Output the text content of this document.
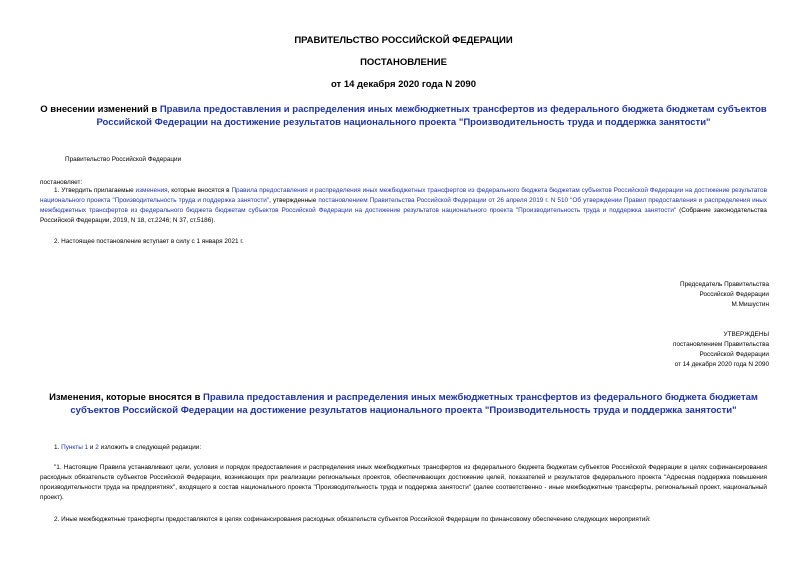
ПРАВИТЕЛЬСТВО РОССИЙСКОЙ ФЕДЕРАЦИИ
ПОСТАНОВЛЕНИЕ
от 14 декабря 2020 года N 2090
О внесении изменений в Правила предоставления и распределения иных межбюджетных трансфертов из федерального бюджета бюджетам субъектов Российской Федерации на достижение результатов национального проекта "Производительность труда и поддержка занятости"
Правительство Российской Федерации
постановляет:
1. Утвердить прилагаемые изменения, которые вносятся в Правила предоставления и распределения иных межбюджетных трансфертов из федерального бюджета бюджетам субъектов Российской Федерации на достижение результатов национального проекта "Производительность труда и поддержка занятости", утвержденные постановлением Правительства Российской Федерации от 26 апреля 2019 г. N 510 "Об утверждении Правил предоставления и распределения иных межбюджетных трансфертов из федерального бюджета бюджетам субъектов Российской Федерации на достижение результатов национального проекта "Производительность труда и поддержка занятости" (Собрание законодательства Российской Федерации, 2019, N 18, ст.2246; N 37, ст.5186).
2. Настоящее постановление вступает в силу с 1 января 2021 г.
Председатель Правительства
Российской Федерации
М.Мишустин
УТВЕРЖДЕНЫ
постановлением Правительства
Российской Федерации
от 14 декабря 2020 года N 2090
Изменения, которые вносятся в Правила предоставления и распределения иных межбюджетных трансфертов из федерального бюджета бюджетам субъектов Российской Федерации на достижение результатов национального проекта "Производительность труда и поддержка занятости"
1. Пункты 1 и 2 изложить в следующей редакции:
"1. Настоящие Правила устанавливают цели, условия и порядок предоставления и распределения иных межбюджетных трансфертов из федерального бюджета бюджетам субъектов Российской Федерации в целях софинансирования расходных обязательств субъектов Российской Федерации, возникающих при реализации региональных проектов, обеспечивающих достижение целей, показателей и результатов федерального проекта "Адресная поддержка повышения производительности труда на предприятиях", входящего в состав национального проекта "Производительность труда и поддержка занятости" (далее соответственно - иные межбюджетные трансферты, региональный проект, национальный проект).
2. Иные межбюджетные трансферты предоставляются в целях софинансирования расходных обязательств субъектов Российской Федерации по финансовому обеспечению следующих мероприятий:
